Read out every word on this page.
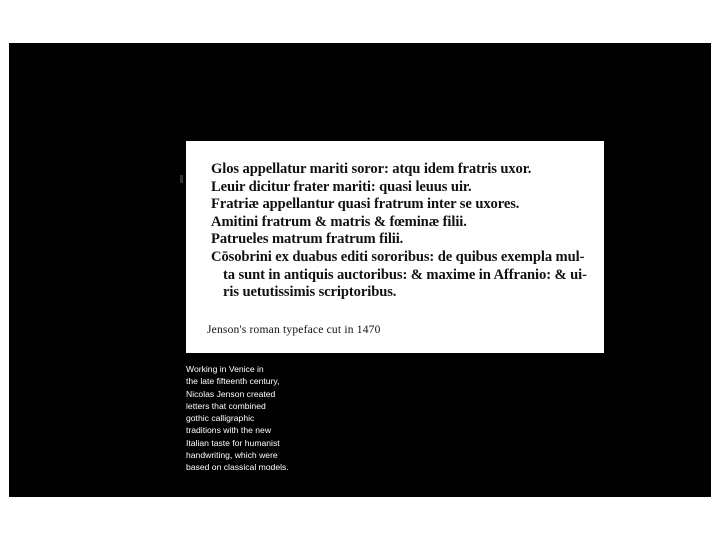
Glos appellatur mariti soror: atqu idem fratris uxor.
Leuir dicitur frater mariti: quasi leuus uir.
Fratriæ appellantur quasi fratrum inter se uxores.
Amitini fratrum & matris & fœminæ filii.
Patrueles matrum fratrum filii.
Cōsobrini ex duabus editi sororibus: de quibus exempla mul-
ta sunt in antiquis auctoribus: & maxime in Affranio: & ui-
ris uetutissimis scriptoribus.
Jenson's roman typeface cut in 1470
Working in Venice in
the late fifteenth century,
Nicolas Jenson created
letters that combined
gothic calligraphic
traditions with the new
Italian taste for humanist
handwriting, which were
based on classical models.
